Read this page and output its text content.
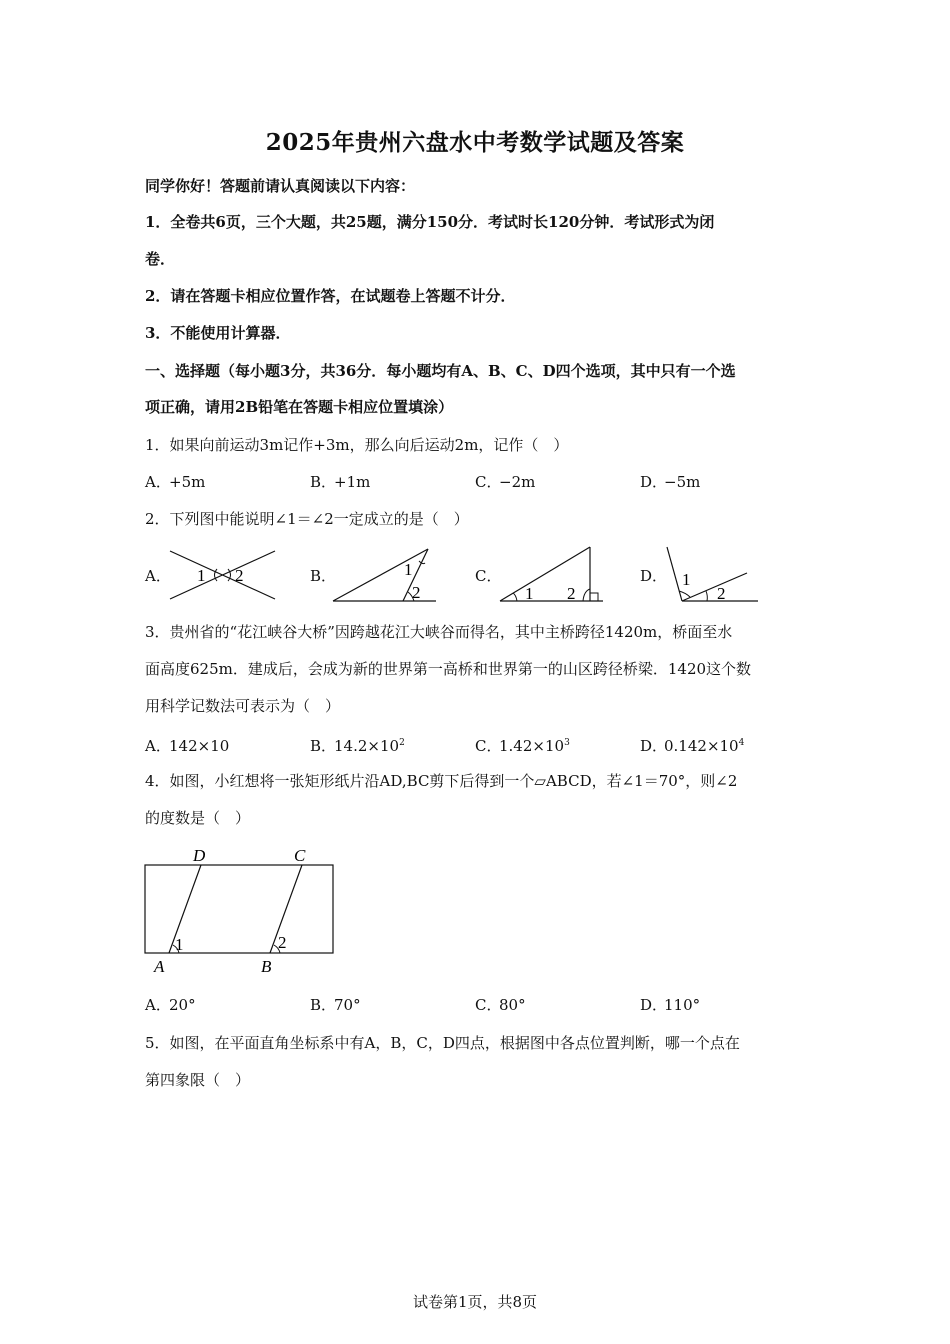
2025年贵州六盘水中考数学试题及答案
同学你好！答题前请认真阅读以下内容：
1．全卷共6页，三个大题，共25题，满分150分．考试时长120分钟．考试形式为闭
卷．
2．请在答题卡相应位置作答，在试题卷上答题不计分．
3．不能使用计算器．
一、选择题（每小题3分，共36分．每小题均有A、B、C、D四个选项，其中只有一个选
项正确，请用2B铅笔在答题卡相应位置填涂）
1．如果向前运动3m记作+3m，那么向后运动2m，记作（　）
A．+5m	B．+1m	C．−2m	D．−5m
2．下列图中能说明∠1＝∠2一定成立的是（　）
A． 1 2	B．	1
2
C．
1 2
D． 1
2
3．贵州省的“花江峡谷大桥”因跨越花江大峡谷而得名，其中主桥跨径1420m，桥面至水
面高度625m．建成后，会成为新的世界第一高桥和世界第一的山区跨径桥梁．1420这个数
用科学记数法可表示为（　）
A．142×10	B．$14.2\times 10^2$	C．$1.42\times 10^3$	D．$0.142\times 10^4$
4．如图，小红想将一张矩形纸片沿AD,BC剪下后得到一个▱ABCD，若∠1＝70°，则∠2
的度数是（　）
D	C
A	B
1	2
A．20°	B．70°	C．80°	D．110°
5．如图，在平面直角坐标系中有A，B，C，D四点，根据图中各点位置判断，哪一个点在
第四象限（　）
试卷第1页，共8页
